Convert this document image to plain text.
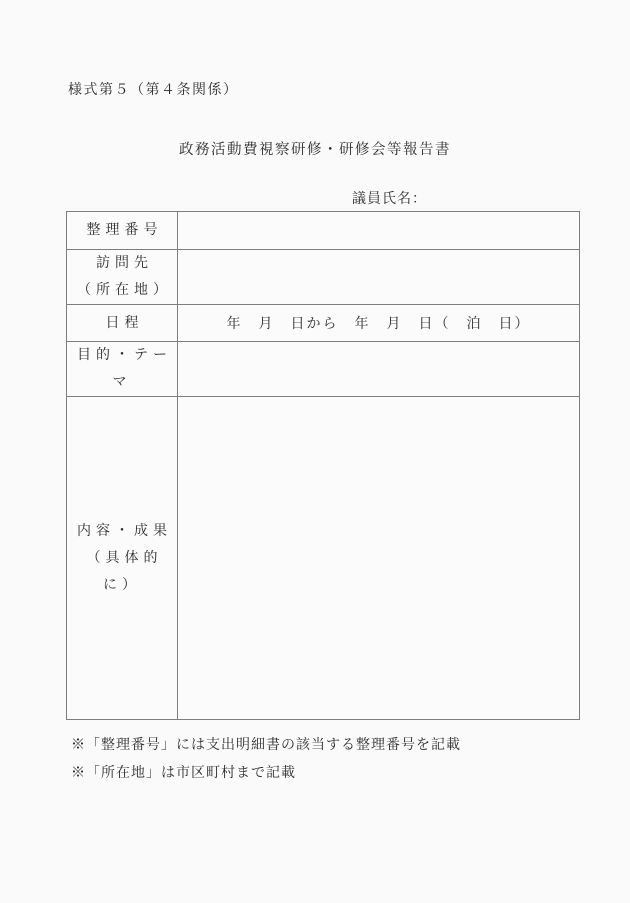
様式第５（第４条関係）
政務活動費視察研修・研修会等報告書
議員氏名：
整理番号	

訪問先
（所在地）	

日程	年　月　日から　年　月　日（　泊　日）

目的・テーマ	

内容・成果
（具体的に）	

※「整理番号」には支出明細書の該当する整理番号を記載
※「所在地」は市区町村まで記載
